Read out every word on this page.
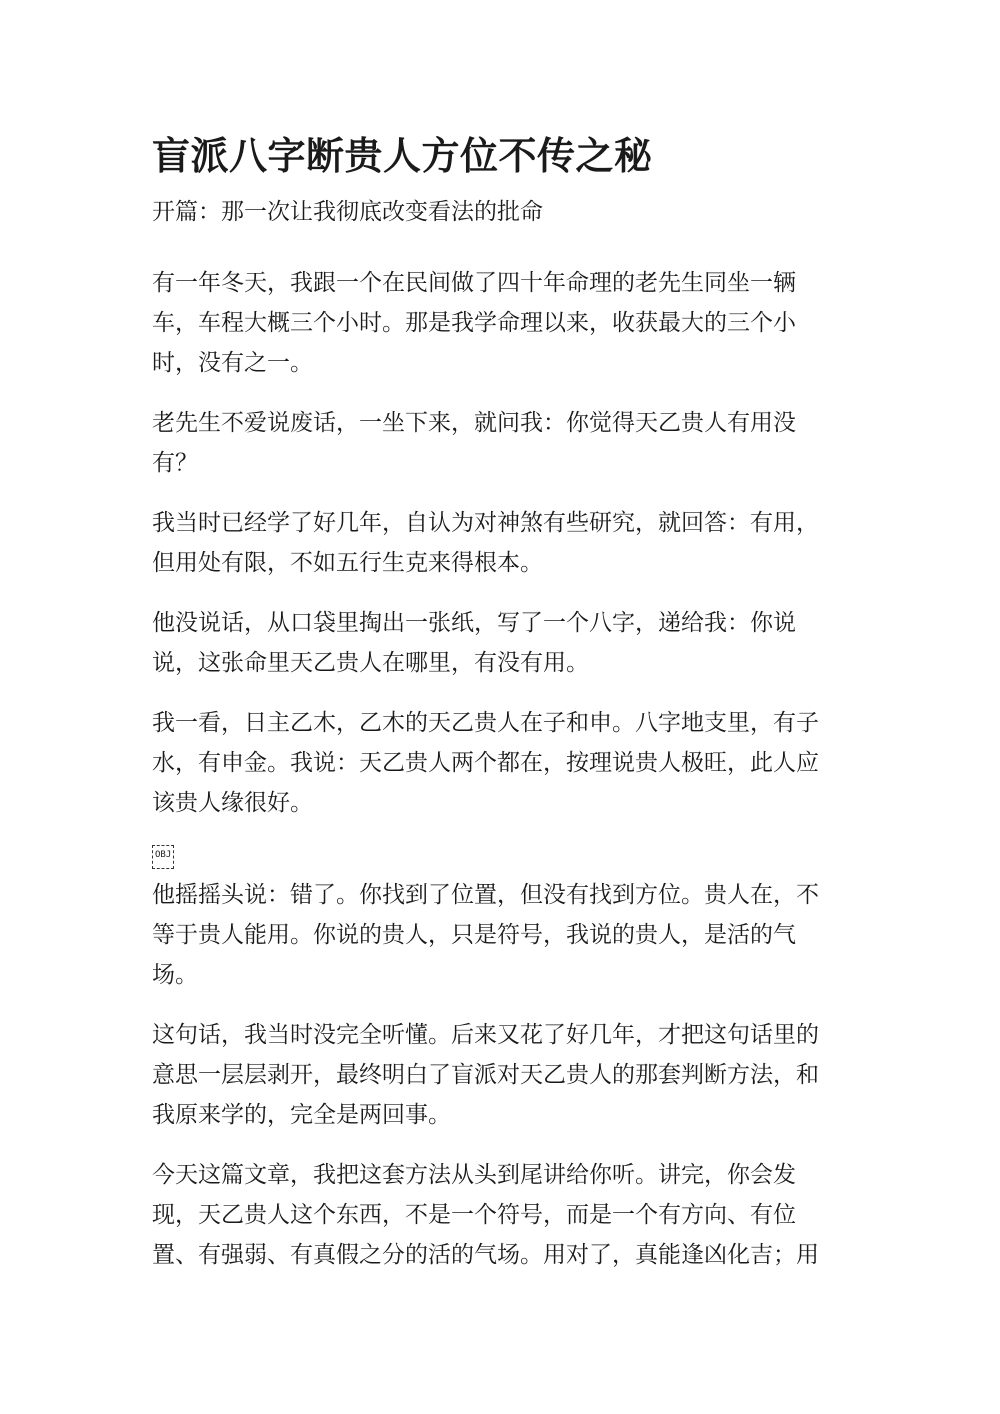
盲派八字断贵人方位不传之秘

开篇：那一次让我彻底改变看法的批命

有一年冬天，我跟一个在民间做了四十年命理的老先生同坐一辆
车，车程大概三个小时。那是我学命理以来，收获最大的三个小
时，没有之一。

老先生不爱说废话，一坐下来，就问我：你觉得天乙贵人有用没
有？

我当时已经学了好几年，自认为对神煞有些研究，就回答：有用，
但用处有限，不如五行生克来得根本。

他没说话，从口袋里掏出一张纸，写了一个八字，递给我：你说
说，这张命里天乙贵人在哪里，有没有用。

我一看，日主乙木，乙木的天乙贵人在子和申。八字地支里，有子
水，有申金。我说：天乙贵人两个都在，按理说贵人极旺，此人应
该贵人缘很好。

OBJ

他摇摇头说：错了。你找到了位置，但没有找到方位。贵人在，不
等于贵人能用。你说的贵人，只是符号，我说的贵人，是活的气
场。

这句话，我当时没完全听懂。后来又花了好几年，才把这句话里的
意思一层层剥开，最终明白了盲派对天乙贵人的那套判断方法，和
我原来学的，完全是两回事。

今天这篇文章，我把这套方法从头到尾讲给你听。讲完，你会发
现，天乙贵人这个东西，不是一个符号，而是一个有方向、有位
置、有强弱、有真假之分的活的气场。用对了，真能逢凶化吉；用
